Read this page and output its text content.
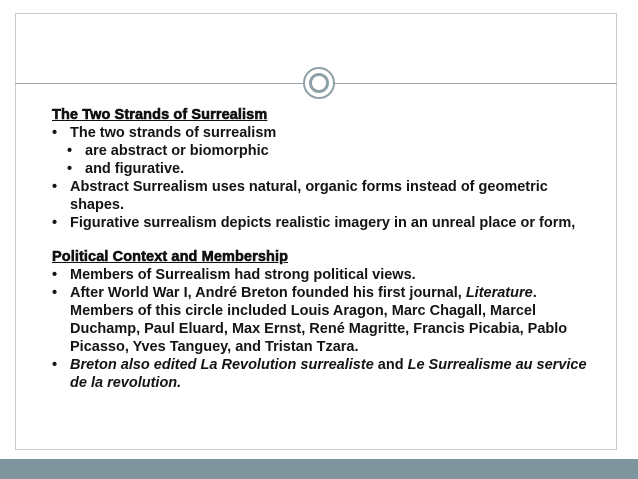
The Two Strands of Surrealism
• The two strands of surrealism
• are abstract or biomorphic
• and figurative.
• Abstract Surrealism uses natural, organic forms instead of geometric shapes.
• Figurative surrealism depicts realistic imagery in an unreal place or form,
Political Context and Membership
• Members of Surrealism had strong political views.
• After World War I, André Breton founded his first journal, Literature. Members of this circle included Louis Aragon, Marc Chagall, Marcel Duchamp, Paul Eluard, Max Ernst, René Magritte, Francis Picabia, Pablo Picasso, Yves Tanguey, and Tristan Tzara.
• Breton also edited La Revolution surrealiste and Le Surrealisme au service de la revolution.
